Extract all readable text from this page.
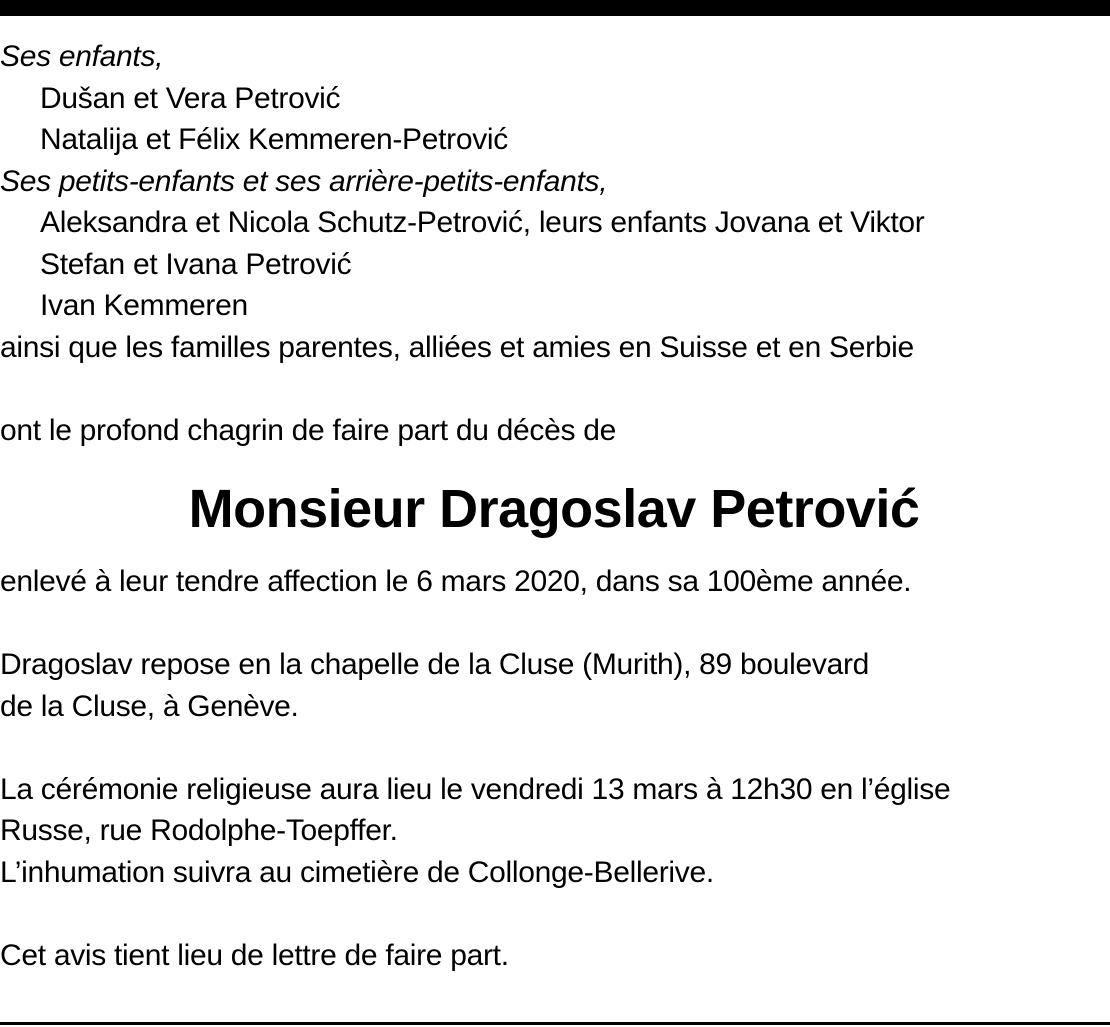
Ses enfants,
Dušan et Vera Petrović
Natalija et Félix Kemmeren-Petrović
Ses petits-enfants et ses arrière-petits-enfants,
Aleksandra et Nicola Schutz-Petrović, leurs enfants Jovana et Viktor
Stefan et Ivana Petrović
Ivan Kemmeren
ainsi que les familles parentes, alliées et amies en Suisse et en Serbie
ont le profond chagrin de faire part du décès de
Monsieur Dragoslav Petrović
enlevé à leur tendre affection le 6 mars 2020, dans sa 100ème année.
Dragoslav repose en la chapelle de la Cluse (Murith), 89 boulevard
de la Cluse, à Genève.
La cérémonie religieuse aura lieu le vendredi 13 mars à 12h30 en l’église
Russe, rue Rodolphe-Toepffer.
L’inhumation suivra au cimetière de Collonge-Bellerive.
Cet avis tient lieu de lettre de faire part.
